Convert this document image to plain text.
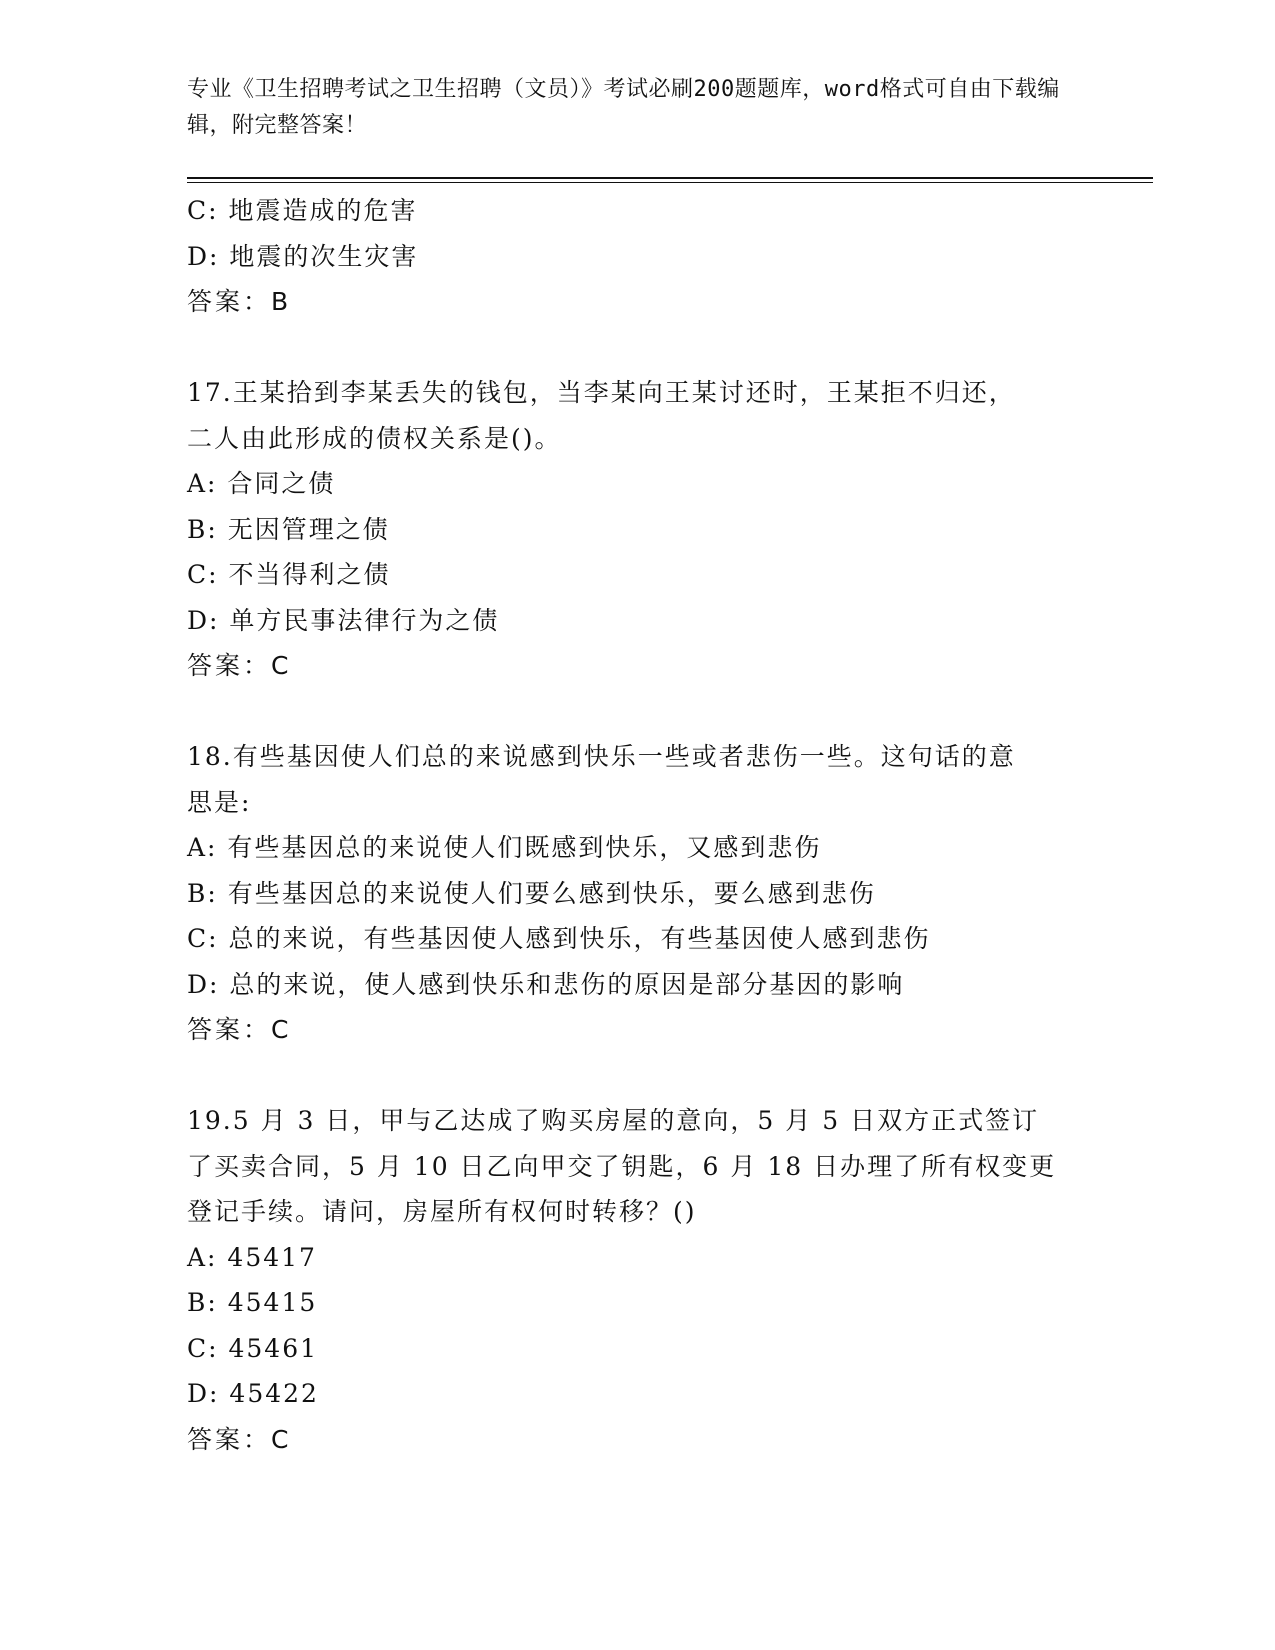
专业《卫生招聘考试之卫生招聘（文员）》考试必刷200题题库，word格式可自由下载编辑，附完整答案！
C: 地震造成的危害
D: 地震的次生灾害
答案：B
17.王某拾到李某丢失的钱包，当李某向王某讨还时，王某拒不归还，
二人由此形成的债权关系是()。
A: 合同之债
B: 无因管理之债
C: 不当得利之债
D: 单方民事法律行为之债
答案：C
18.有些基因使人们总的来说感到快乐一些或者悲伤一些。这句话的意
思是:
A: 有些基因总的来说使人们既感到快乐，又感到悲伤
B: 有些基因总的来说使人们要么感到快乐，要么感到悲伤
C: 总的来说，有些基因使人感到快乐，有些基因使人感到悲伤
D: 总的来说，使人感到快乐和悲伤的原因是部分基因的影响
答案：C
19.5 月 3 日，甲与乙达成了购买房屋的意向，5 月 5 日双方正式签订
了买卖合同，5 月 10 日乙向甲交了钥匙，6 月 18 日办理了所有权变更
登记手续。请问，房屋所有权何时转移？()
A: 45417
B: 45415
C: 45461
D: 45422
答案：C
